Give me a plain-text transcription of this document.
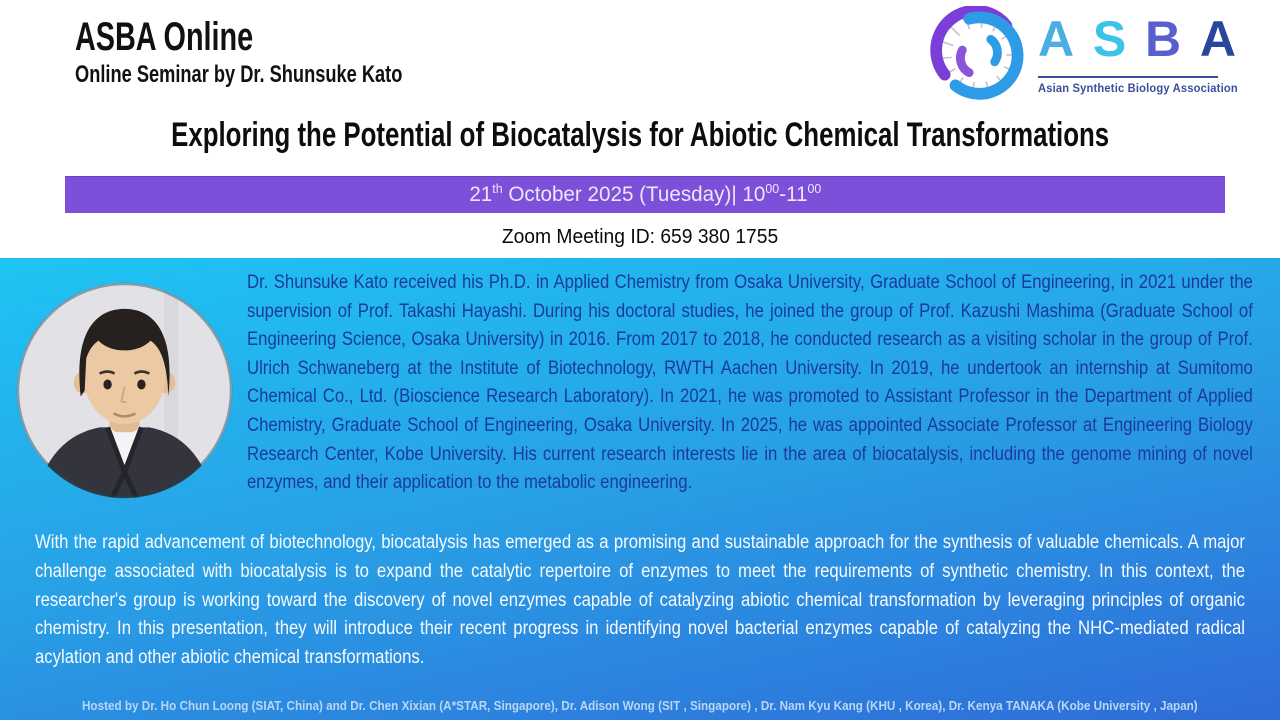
ASBA Online
Online Seminar by Dr. Shunsuke Kato
A S B A
Asian Synthetic Biology Association
Exploring the Potential of Biocatalysis for Abiotic Chemical Transformations
21th October 2025 (Tuesday)| $10^{00}-11^{00}$
Zoom Meeting ID: 659 380 1755
Dr. Shunsuke Kato received his Ph.D. in Applied Chemistry from Osaka University, Graduate School of Engineering, in 2021 under the supervision of Prof. Takashi Hayashi. During his doctoral studies, he joined the group of Prof. Kazushi Mashima (Graduate School of Engineering Science, Osaka University) in 2016. From 2017 to 2018, he conducted research as a visiting scholar in the group of Prof. Ulrich Schwaneberg at the Institute of Biotechnology, RWTH Aachen University. In 2019, he undertook an internship at Sumitomo Chemical Co., Ltd. (Bioscience Research Laboratory). In 2021, he was promoted to Assistant Professor in the Department of Applied Chemistry, Graduate School of Engineering, Osaka University. In 2025, he was appointed Associate Professor at Engineering Biology Research Center, Kobe University. His current research interests lie in the area of biocatalysis, including the genome mining of novel enzymes, and their application to the metabolic engineering.
With the rapid advancement of biotechnology, biocatalysis has emerged as a promising and sustainable approach for the synthesis of valuable chemicals. A major challenge associated with biocatalysis is to expand the catalytic repertoire of enzymes to meet the requirements of synthetic chemistry. In this context, the researcher's group is working toward the discovery of novel enzymes capable of catalyzing abiotic chemical transformation by leveraging principles of organic chemistry. In this presentation, they will introduce their recent progress in identifying novel bacterial enzymes capable of catalyzing the NHC-mediated radical acylation and other abiotic chemical transformations.
Hosted by Dr. Ho Chun Loong (SIAT, China) and Dr. Chen Xixian (A*STAR, Singapore), Dr. Adison Wong (SIT , Singapore) , Dr. Nam Kyu Kang (KHU , Korea), Dr. Kenya TANAKA (Kobe University , Japan)
